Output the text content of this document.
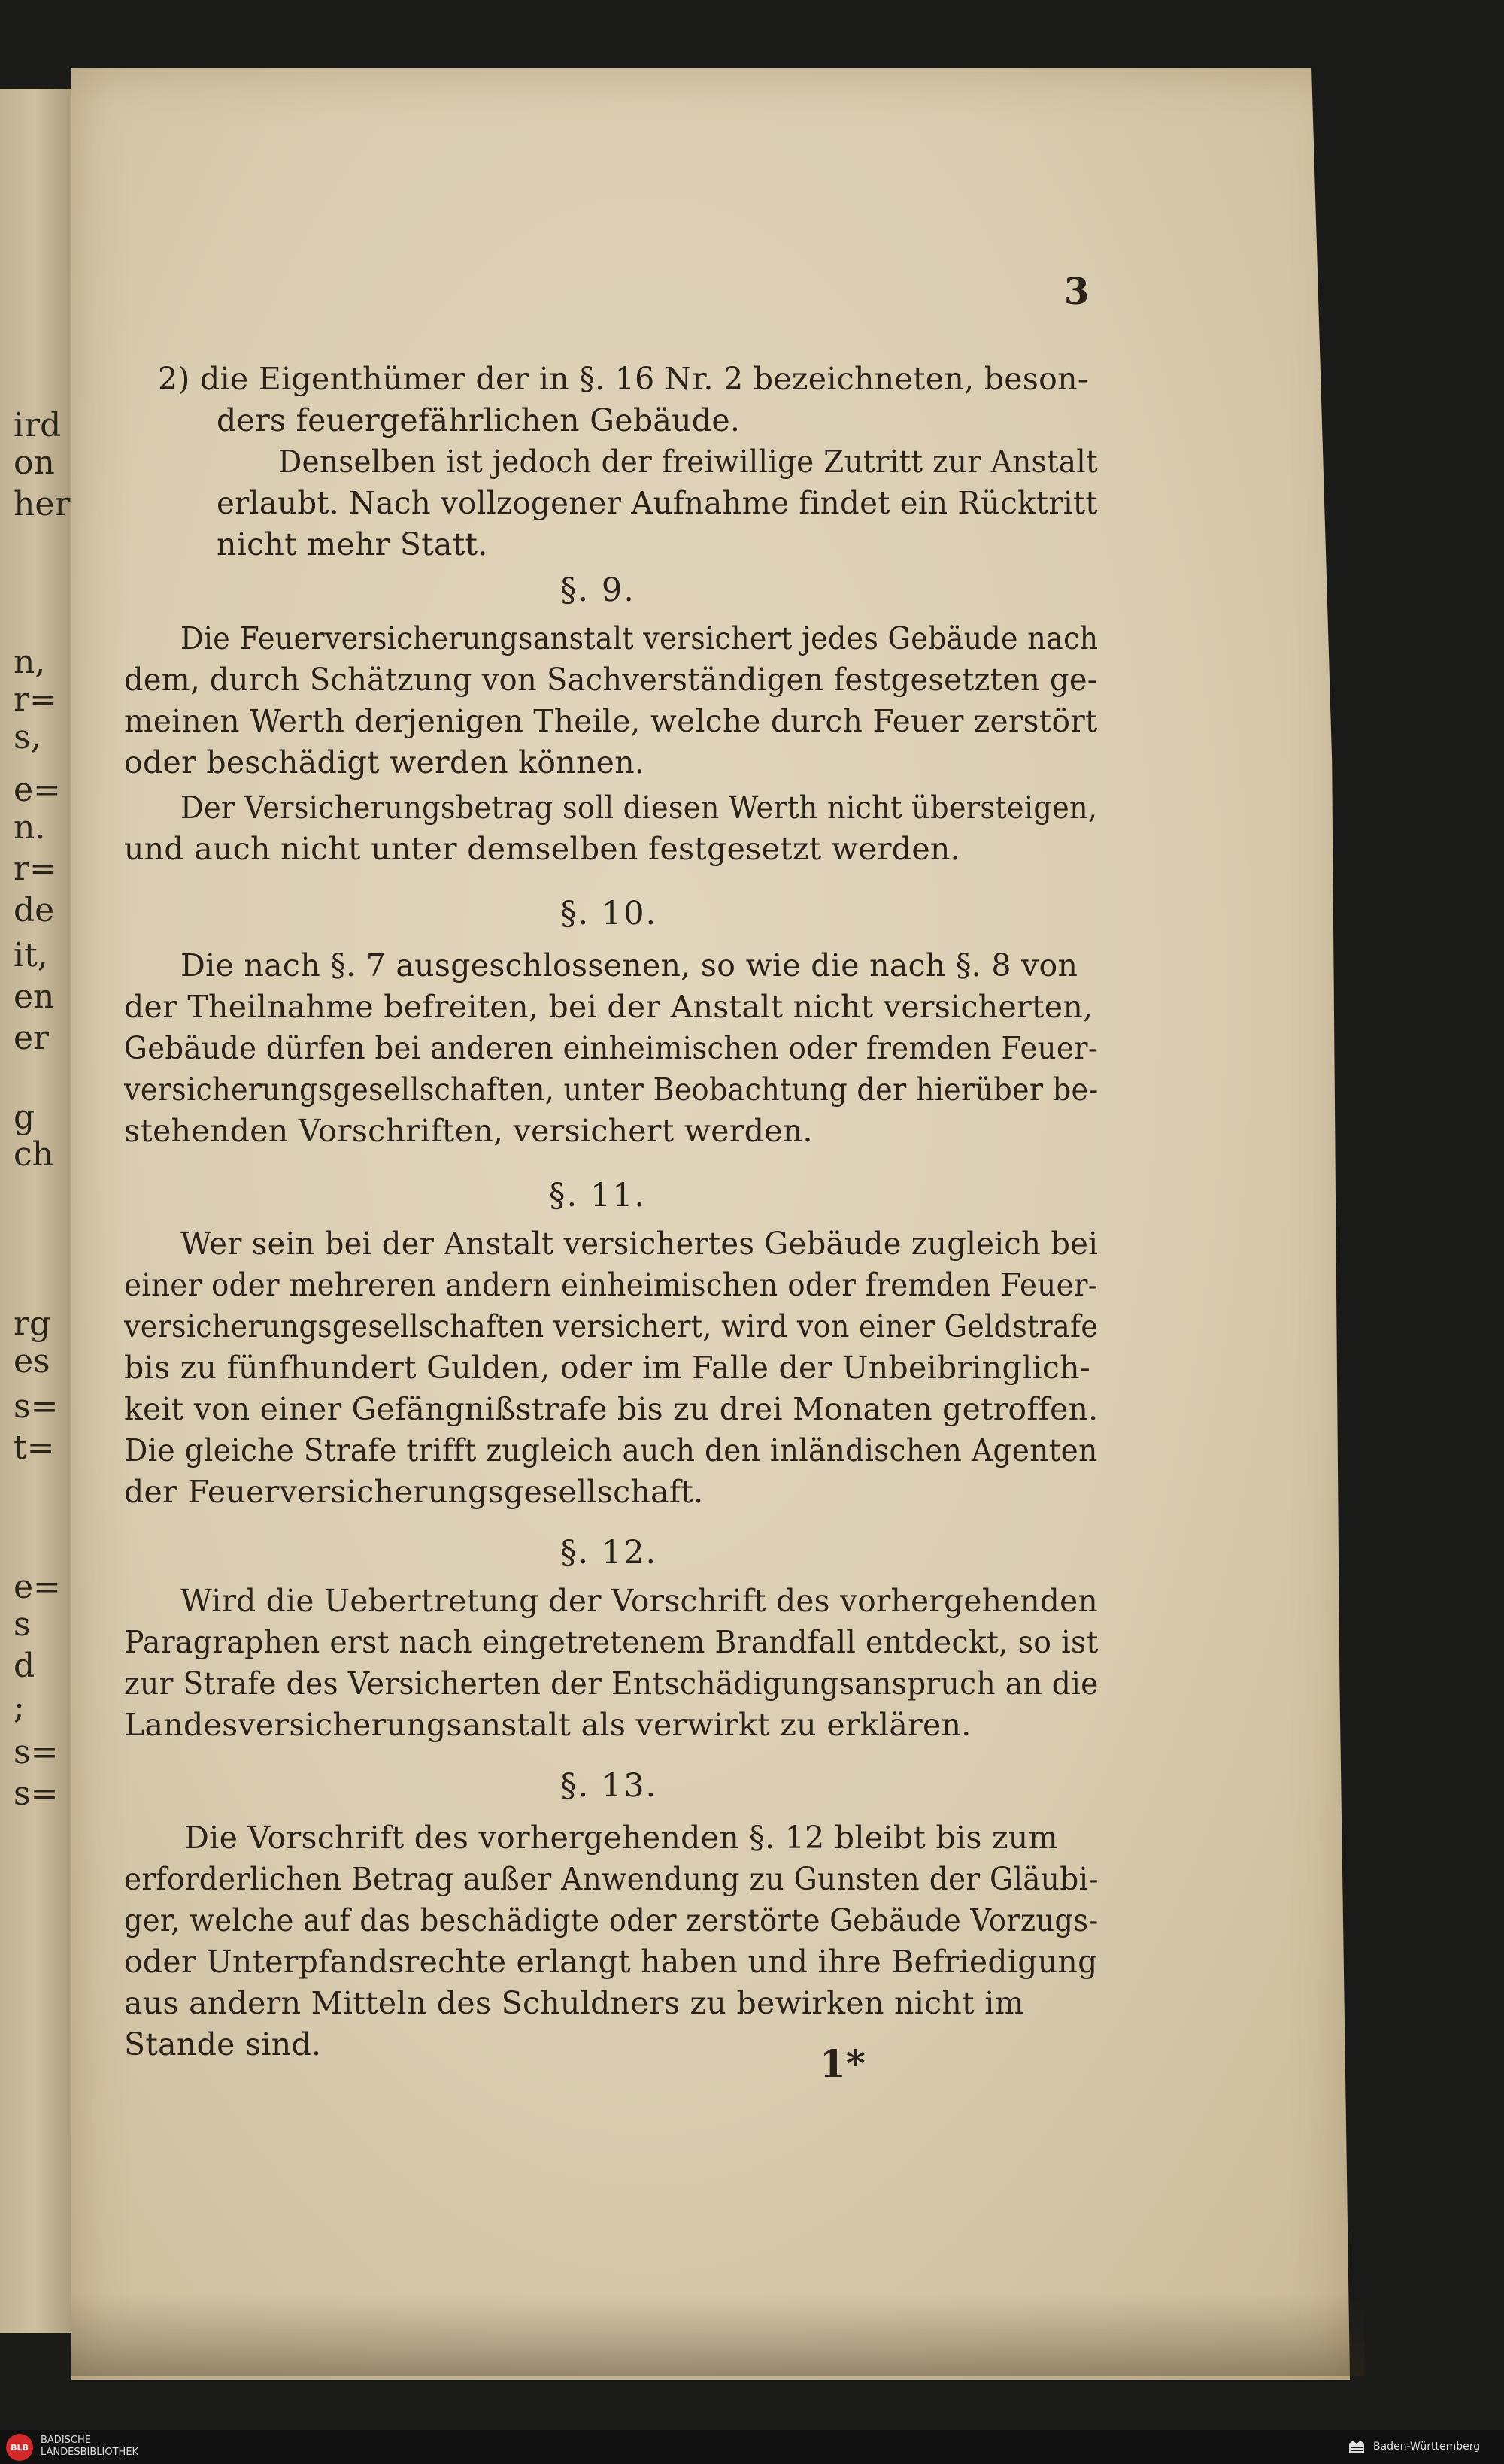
ird
on
her
n,
r=
s,
e=
n.
r=
de
it,
en
er
g
ch
rg
es
s=
t=
e=
s
d
;
s=
s=
3
2) die Eigenthümer der in §. 16 Nr. 2 bezeichneten, beson-
ders feuergefährlichen Gebäude.
Denselben ist jedoch der freiwillige Zutritt zur Anstalt
erlaubt. Nach vollzogener Aufnahme findet ein Rücktritt
nicht mehr Statt.
§. 9.
Die Feuerversicherungsanstalt versichert jedes Gebäude nach
dem, durch Schätzung von Sachverständigen festgesetzten ge-
meinen Werth derjenigen Theile, welche durch Feuer zerstört
oder beschädigt werden können.
Der Versicherungsbetrag soll diesen Werth nicht übersteigen,
und auch nicht unter demselben festgesetzt werden.
§. 10.
Die nach §. 7 ausgeschlossenen, so wie die nach §. 8 von
der Theilnahme befreiten, bei der Anstalt nicht versicherten,
Gebäude dürfen bei anderen einheimischen oder fremden Feuer-
versicherungsgesellschaften, unter Beobachtung der hierüber be-
stehenden Vorschriften, versichert werden.
§. 11.
Wer sein bei der Anstalt versichertes Gebäude zugleich bei
einer oder mehreren andern einheimischen oder fremden Feuer-
versicherungsgesellschaften versichert, wird von einer Geldstrafe
bis zu fünfhundert Gulden, oder im Falle der Unbeibringlich-
keit von einer Gefängnißstrafe bis zu drei Monaten getroffen.
Die gleiche Strafe trifft zugleich auch den inländischen Agenten
der Feuerversicherungsgesellschaft.
§. 12.
Wird die Uebertretung der Vorschrift des vorhergehenden
Paragraphen erst nach eingetretenem Brandfall entdeckt, so ist
zur Strafe des Versicherten der Entschädigungsanspruch an die
Landesversicherungsanstalt als verwirkt zu erklären.
§. 13.
Die Vorschrift des vorhergehenden §. 12 bleibt bis zum
erforderlichen Betrag außer Anwendung zu Gunsten der Gläubi-
ger, welche auf das beschädigte oder zerstörte Gebäude Vorzugs-
oder Unterpfandsrechte erlangt haben und ihre Befriedigung
aus andern Mitteln des Schuldners zu bewirken nicht im
Stande sind.	1*
BLB
BADISCHE
LANDESBIBLIOTHEK	Baden-Württemberg
